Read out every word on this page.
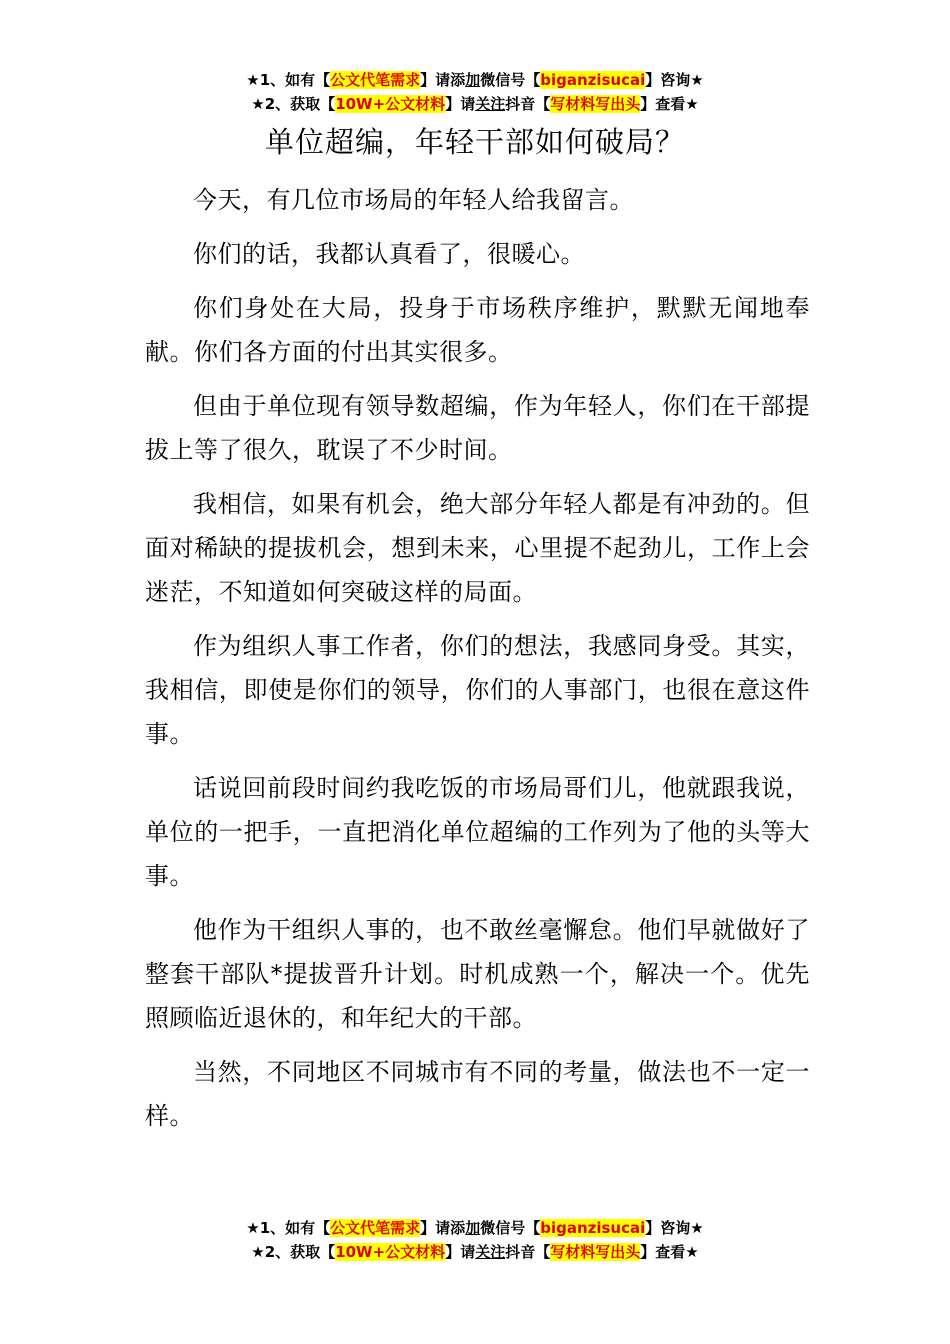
★1、如有【公文代笔需求】请添加微信号【biganzisucai】咨询★
★2、获取【10W+公文材料】请关注抖音【写材料写出头】查看★
单位超编，年轻干部如何破局？

今天，有几位市场局的年轻人给我留言。

你们的话，我都认真看了，很暖心。

你们身处在大局，投身于市场秩序维护，默默无闻地奉献。你们各方面的付出其实很多。

但由于单位现有领导数超编，作为年轻人，你们在干部提拔上等了很久，耽误了不少时间。

我相信，如果有机会，绝大部分年轻人都是有冲劲的。但面对稀缺的提拔机会，想到未来，心里提不起劲儿，工作上会迷茫，不知道如何突破这样的局面。

作为组织人事工作者，你们的想法，我感同身受。其实，我相信，即使是你们的领导，你们的人事部门，也很在意这件事。

话说回前段时间约我吃饭的市场局哥们儿，他就跟我说，单位的一把手，一直把消化单位超编的工作列为了他的头等大事。

他作为干组织人事的，也不敢丝毫懈怠。他们早就做好了整套干部队*提拔晋升计划。时机成熟一个，解决一个。优先照顾临近退休的，和年纪大的干部。

当然，不同地区不同城市有不同的考量，做法也不一定一样。

★1、如有【公文代笔需求】请添加微信号【biganzisucai】咨询★
★2、获取【10W+公文材料】请关注抖音【写材料写出头】查看★
